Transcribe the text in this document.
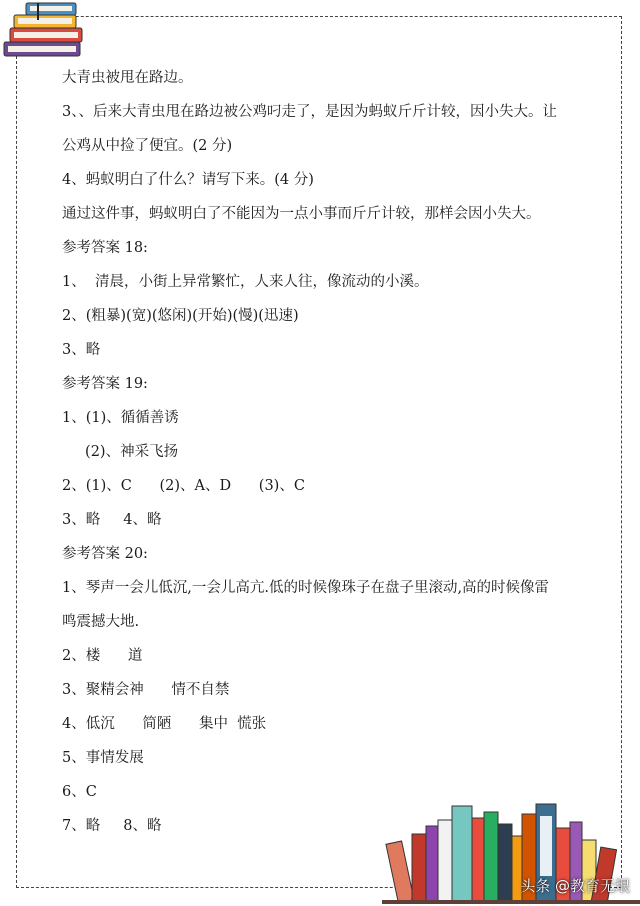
大青虫被甩在路边。
3、、后来大青虫甩在路边被公鸡叼走了，是因为蚂蚁斤斤计较，因小失大。让
公鸡从中捡了便宜。(2 分)
4、蚂蚁明白了什么？请写下来。(4 分)
通过这件事，蚂蚁明白了不能因为一点小事而斤斤计较，那样会因小失大。
参考答案 18:
1、  清晨，小街上异常繁忙，人来人往，像流动的小溪。
2、(粗暴)(宽)(悠闲)(开始)(慢)(迅速)
3、略
参考答案 19:
1、(1)、循循善诱
(2)、神采飞扬
2、(1)、C      (2)、A、D      (3)、C
3、略     4、略
参考答案 20:
1、琴声一会儿低沉,一会儿高亢.低的时候像珠子在盘子里滚动,高的时候像雷
鸣震撼大地.
2、楼      道
3、聚精会神      情不自禁
4、低沉      简陋      集中  慌张
5、事情发展
6、C
7、略     8、略
头条 @教育无垠
